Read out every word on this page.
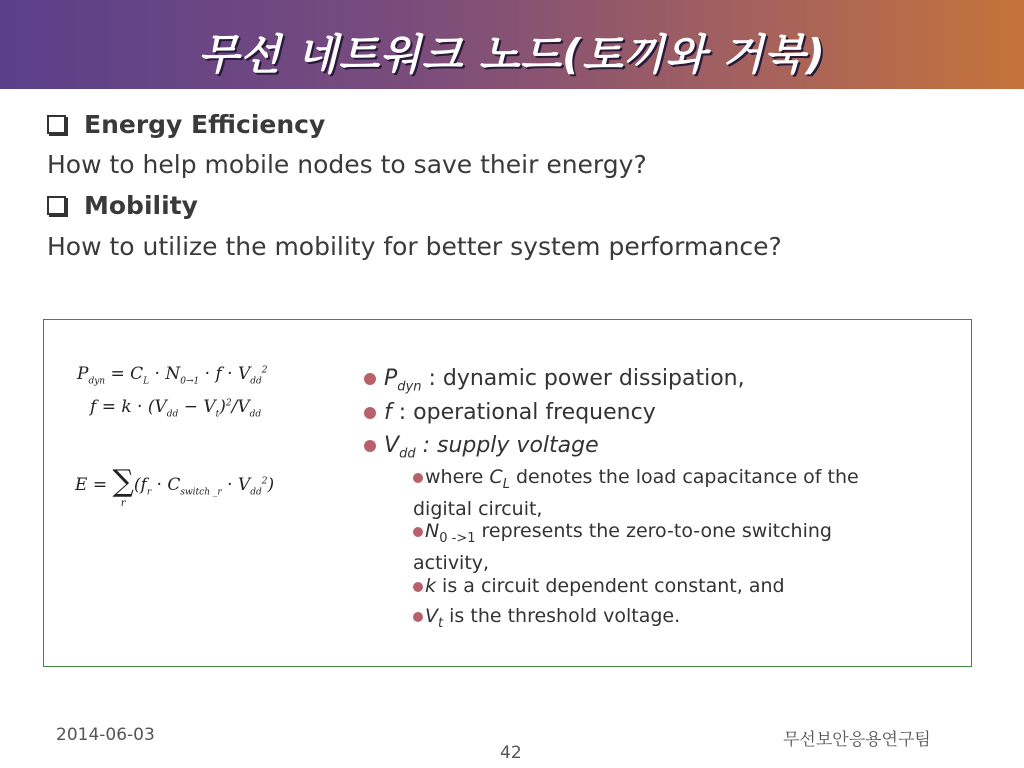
무선 네트워크 노드(토끼와 거북)
Energy Efficiency
How to help mobile nodes to save their energy?
Mobility
How to utilize the mobility for better system performance?
$P_{dyn} = C_L \cdot N_{0\to 1} \cdot f \cdot V_{dd}^2$
$f = k \cdot (V_{dd} - V_t)^2/V_{dd}$
E = ∑
$r(f_r \cdot C_{switch \_r} \cdot V_{dd}^2)$
$P_{dyn}$ : dynamic power dissipation,
f : operational frequency
$V_{dd}$ : supply voltage
where $C_L$ denotes the load capacitance of the
digital circuit,
$N_{0 ->1}$ represents the zero-to-one switching
activity,
k is a circuit dependent constant, and
$V_t$ is the threshold voltage.
2014-06-03
42
무선보안응용연구팀
